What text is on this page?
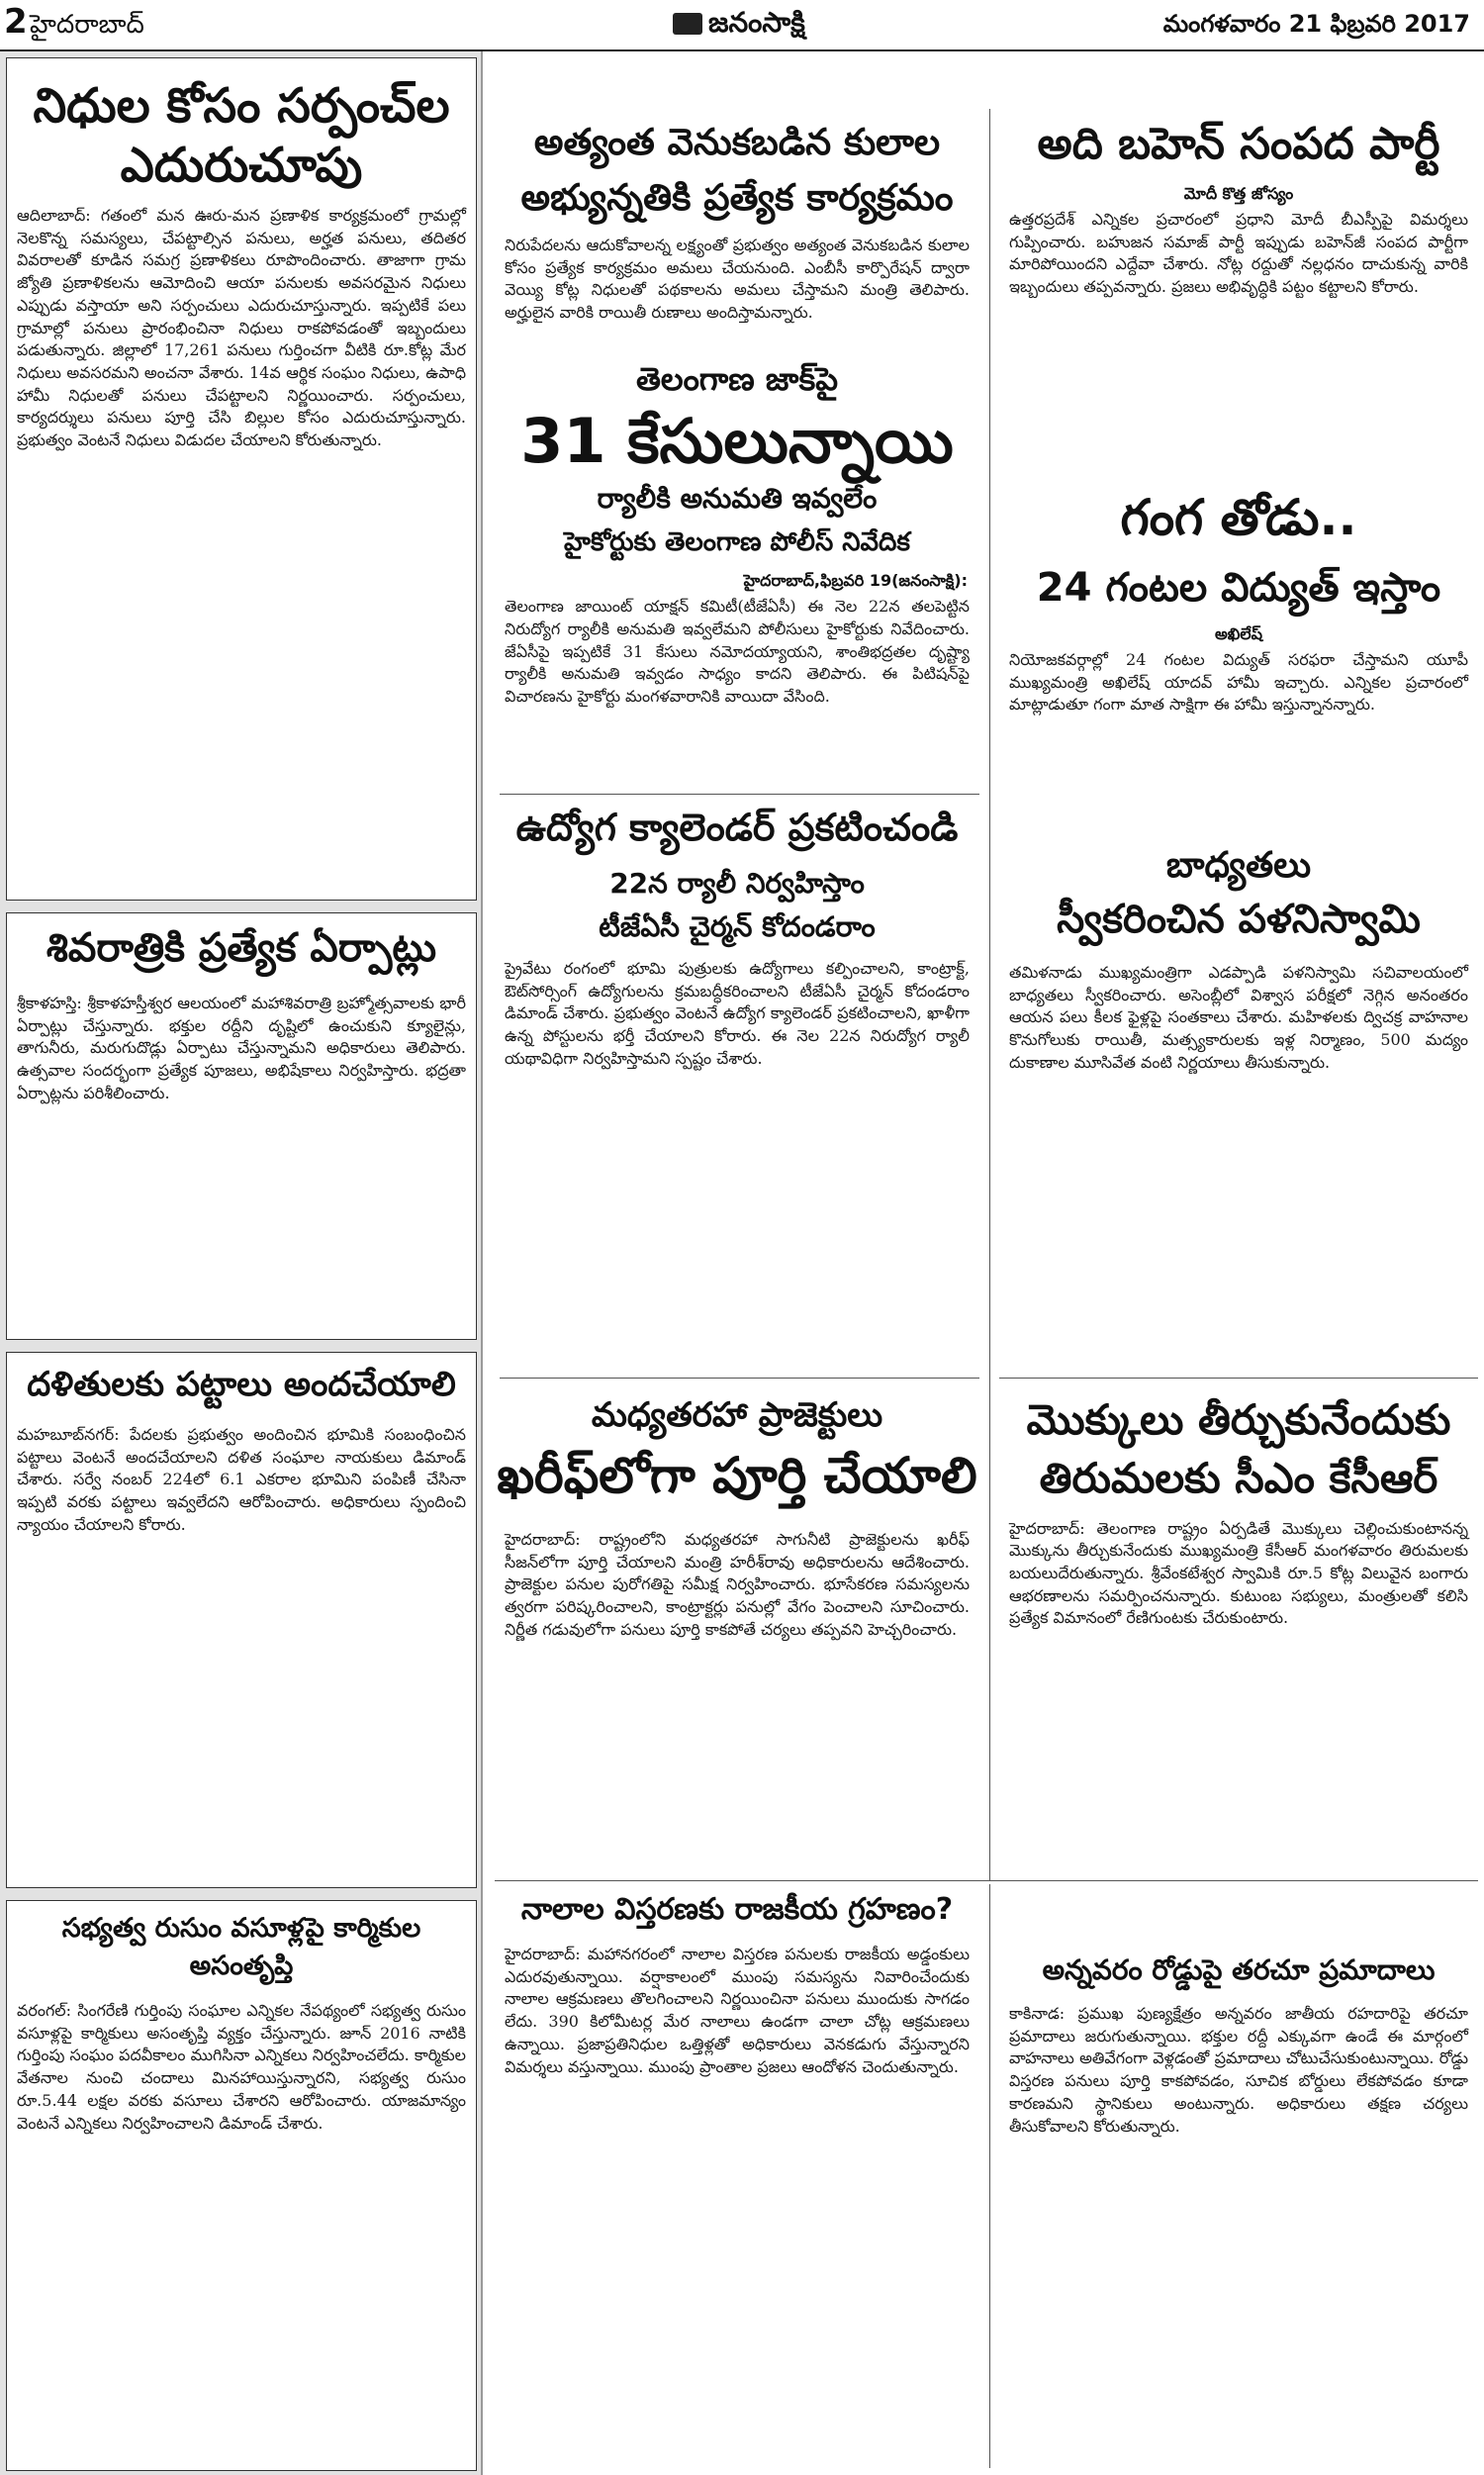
2 హైదరాబాద్‌	జనంసాక్షి	మంగళవారం 21 ఫిబ్రవరి 2017
నిధుల కోసం సర్పంచ్‌ల ఎదురుచూపు

ఆదిలాబాద్‌: గతంలో మన ఊరు-మన ప్రణాళిక కార్యక్రమంలో గ్రామల్లో నెలకొన్న సమస్యలు, చేపట్టాల్సిన పనులు, అర్హత పనులు, తదితర వివరాలతో కూడిన సమగ్ర ప్రణాళికలు రూపొందించారు. తాజాగా గ్రామ జ్యోతి ప్రణాళికలను ఆమోదించి ఆయా పనులకు అవసరమైన నిధులు ఎప్పుడు వస్తాయా అని సర్పంచులు ఎదురుచూస్తున్నారు. ఇప్పటికే పలు గ్రామాల్లో పనులు ప్రారంభించినా నిధులు రాకపోవడంతో ఇబ్బందులు పడుతున్నారు. జిల్లాలో 17,261 పనులు గుర్తించగా వీటికి రూ.కోట్ల మేర నిధులు అవసరమని అంచనా వేశారు. 14వ ఆర్థిక సంఘం నిధులు, ఉపాధి హామీ నిధులతో పనులు చేపట్టాలని నిర్ణయించారు. సర్పంచులు, కార్యదర్శులు పనులు పూర్తి చేసి బిల్లుల కోసం ఎదురుచూస్తున్నారు. ప్రభుత్వం వెంటనే నిధులు విడుదల చేయాలని కోరుతున్నారు.

శివరాత్రికి ప్రత్యేక ఏర్పాట్లు

శ్రీకాళహస్తి: శ్రీకాళహస్తీశ్వర ఆలయంలో మహాశివరాత్రి బ్రహ్మోత్సవాలకు భారీ ఏర్పాట్లు చేస్తున్నారు. భక్తుల రద్దీని దృష్టిలో ఉంచుకుని క్యూలైన్లు, తాగునీరు, మరుగుదొడ్లు ఏర్పాటు చేస్తున్నామని అధికారులు తెలిపారు. ఉత్సవాల సందర్భంగా ప్రత్యేక పూజలు, అభిషేకాలు నిర్వహిస్తారు. భద్రతా ఏర్పాట్లను పరిశీలించారు.

దళితులకు పట్టాలు అందచేయాలి

మహబూబ్‌నగర్‌: పేదలకు ప్రభుత్వం అందించిన భూమికి సంబంధించిన పట్టాలు వెంటనే అందచేయాలని దళిత సంఘాల నాయకులు డిమాండ్‌ చేశారు. సర్వే నంబర్‌ 224లో 6.1 ఎకరాల భూమిని పంపిణీ చేసినా ఇప్పటి వరకు పట్టాలు ఇవ్వలేదని ఆరోపించారు. అధికారులు స్పందించి న్యాయం చేయాలని కోరారు.

సభ్యత్వ రుసుం వసూళ్లపై కార్మికుల అసంతృప్తి

వరంగల్‌: సింగరేణి గుర్తింపు సంఘాల ఎన్నికల నేపథ్యంలో సభ్యత్వ రుసుం వసూళ్లపై కార్మికులు అసంతృప్తి వ్యక్తం చేస్తున్నారు. జూన్‌ 2016 నాటికి గుర్తింపు సంఘం పదవీకాలం ముగిసినా ఎన్నికలు నిర్వహించలేదు. కార్మికుల వేతనాల నుంచి చందాలు మినహాయిస్తున్నారని, సభ్యత్వ రుసుం రూ.5.44 లక్షల వరకు వసూలు చేశారని ఆరోపించారు. యాజమాన్యం వెంటనే ఎన్నికలు నిర్వహించాలని డిమాండ్‌ చేశారు.

అత్యంత వెనుకబడిన కులాల అభ్యున్నతికి ప్రత్యేక కార్యక్రమం

నిరుపేదలను ఆదుకోవాలన్న లక్ష్యంతో ప్రభుత్వం అత్యంత వెనుకబడిన కులాల కోసం ప్రత్యేక కార్యక్రమం అమలు చేయనుంది. ఎంబీసీ కార్పొరేషన్‌ ద్వారా వెయ్యి కోట్ల నిధులతో పథకాలను అమలు చేస్తామని మంత్రి తెలిపారు. అర్హులైన వారికి రాయితీ రుణాలు అందిస్తామన్నారు.

తెలంగాణ జాక్‌పై
31 కేసులున్నాయి
ర్యాలీకి అనుమతి ఇవ్వలేం
హైకోర్టుకు తెలంగాణ పోలీస్‌ నివేదిక
హైదరాబాద్‌,ఫిబ్రవరి 19(జనంసాక్షి):

తెలంగాణ జాయింట్‌ యాక్షన్‌ కమిటీ(టీజేఏసీ) ఈ నెల 22న తలపెట్టిన నిరుద్యోగ ర్యాలీకి అనుమతి ఇవ్వలేమని పోలీసులు హైకోర్టుకు నివేదించారు. జేఏసీపై ఇప్పటికే 31 కేసులు నమోదయ్యాయని, శాంతిభద్రతల దృష్ట్యా ర్యాలీకి అనుమతి ఇవ్వడం సాధ్యం కాదని తెలిపారు. ఈ పిటిషన్‌పై విచారణను హైకోర్టు మంగళవారానికి వాయిదా వేసింది.

ఉద్యోగ క్యాలెండర్‌ ప్రకటించండి
22న ర్యాలీ నిర్వహిస్తాం
టీజేఏసీ చైర్మన్‌ కోదండరాం

ప్రైవేటు రంగంలో భూమి పుత్రులకు ఉద్యోగాలు కల్పించాలని, కాంట్రాక్ట్‌, ఔట్‌సోర్సింగ్‌ ఉద్యోగులను క్రమబద్ధీకరించాలని టీజేఏసీ చైర్మన్‌ కోదండరాం డిమాండ్‌ చేశారు. ప్రభుత్వం వెంటనే ఉద్యోగ క్యాలెండర్‌ ప్రకటించాలని, ఖాళీగా ఉన్న పోస్టులను భర్తీ చేయాలని కోరారు. ఈ నెల 22న నిరుద్యోగ ర్యాలీ యథావిధిగా నిర్వహిస్తామని స్పష్టం చేశారు.

మధ్యతరహా ప్రాజెక్టులు
ఖరీఫ్‌లోగా పూర్తి చేయాలి

హైదరాబాద్‌: రాష్ట్రంలోని మధ్యతరహా సాగునీటి ప్రాజెక్టులను ఖరీఫ్‌ సీజన్‌లోగా పూర్తి చేయాలని మంత్రి హరీశ్‌రావు అధికారులను ఆదేశించారు. ప్రాజెక్టుల పనుల పురోగతిపై సమీక్ష నిర్వహించారు. భూసేకరణ సమస్యలను త్వరగా పరిష్కరించాలని, కాంట్రాక్టర్లు పనుల్లో వేగం పెంచాలని సూచించారు. నిర్ణీత గడువులోగా పనులు పూర్తి కాకపోతే చర్యలు తప్పవని హెచ్చరించారు.

అది బహెన్‌ సంపద పార్టీ
మోదీ కొత్త జోస్యం

ఉత్తరప్రదేశ్‌ ఎన్నికల ప్రచారంలో ప్రధాని మోదీ బీఎస్పీపై విమర్శలు గుప్పించారు. బహుజన సమాజ్‌ పార్టీ ఇప్పుడు బహెన్‌జీ సంపద పార్టీగా మారిపోయిందని ఎద్దేవా చేశారు. నోట్ల రద్దుతో నల్లధనం దాచుకున్న వారికి ఇబ్బందులు తప్పవన్నారు. ప్రజలు అభివృద్ధికి పట్టం కట్టాలని కోరారు.

గంగ తోడు..
24 గంటల విద్యుత్‌ ఇస్తాం
అఖిలేష్‌

నియోజకవర్గాల్లో 24 గంటల విద్యుత్‌ సరఫరా చేస్తామని యూపీ ముఖ్యమంత్రి అఖిలేష్‌ యాదవ్‌ హామీ ఇచ్చారు. ఎన్నికల ప్రచారంలో మాట్లాడుతూ గంగా మాత సాక్షిగా ఈ హామీ ఇస్తున్నానన్నారు.

బాధ్యతలు
స్వీకరించిన పళనిస్వామి

తమిళనాడు ముఖ్యమంత్రిగా ఎడప్పాడి పళనిస్వామి సచివాలయంలో బాధ్యతలు స్వీకరించారు. అసెంబ్లీలో విశ్వాస పరీక్షలో నెగ్గిన అనంతరం ఆయన పలు కీలక ఫైళ్లపై సంతకాలు చేశారు. మహిళలకు ద్విచక్ర వాహనాల కొనుగోలుకు రాయితీ, మత్స్యకారులకు ఇళ్ల నిర్మాణం, 500 మద్యం దుకాణాల మూసివేత వంటి నిర్ణయాలు తీసుకున్నారు.

మొక్కులు తీర్చుకునేందుకు తిరుమలకు సీఎం కేసీఆర్‌

హైదరాబాద్‌: తెలంగాణ రాష్ట్రం ఏర్పడితే మొక్కులు చెల్లించుకుంటానన్న మొక్కును తీర్చుకునేందుకు ముఖ్యమంత్రి కేసీఆర్‌ మంగళవారం తిరుమలకు బయలుదేరుతున్నారు. శ్రీవేంకటేశ్వర స్వామికి రూ.5 కోట్ల విలువైన బంగారు ఆభరణాలను సమర్పించనున్నారు. కుటుంబ సభ్యులు, మంత్రులతో కలిసి ప్రత్యేక విమానంలో రేణిగుంటకు చేరుకుంటారు.

నాలాల విస్తరణకు రాజకీయ గ్రహణం?

హైదరాబాద్‌: మహానగరంలో నాలాల విస్తరణ పనులకు రాజకీయ అడ్డంకులు ఎదురవుతున్నాయి. వర్షాకాలంలో ముంపు సమస్యను నివారించేందుకు నాలాల ఆక్రమణలు తొలగించాలని నిర్ణయించినా పనులు ముందుకు సాగడం లేదు. 390 కిలోమీటర్ల మేర నాలాలు ఉండగా చాలా చోట్ల ఆక్రమణలు ఉన్నాయి. ప్రజాప్రతినిధుల ఒత్తిళ్లతో అధికారులు వెనకడుగు వేస్తున్నారని విమర్శలు వస్తున్నాయి. ముంపు ప్రాంతాల ప్రజలు ఆందోళన చెందుతున్నారు.

అన్నవరం రోడ్డుపై తరచూ ప్రమాదాలు

కాకినాడ: ప్రముఖ పుణ్యక్షేత్రం అన్నవరం జాతీయ రహదారిపై తరచూ ప్రమాదాలు జరుగుతున్నాయి. భక్తుల రద్దీ ఎక్కువగా ఉండే ఈ మార్గంలో వాహనాలు అతివేగంగా వెళ్లడంతో ప్రమాదాలు చోటుచేసుకుంటున్నాయి. రోడ్డు విస్తరణ పనులు పూర్తి కాకపోవడం, సూచిక బోర్డులు లేకపోవడం కూడా కారణమని స్థానికులు అంటున్నారు. అధికారులు తక్షణ చర్యలు తీసుకోవాలని కోరుతున్నారు.
